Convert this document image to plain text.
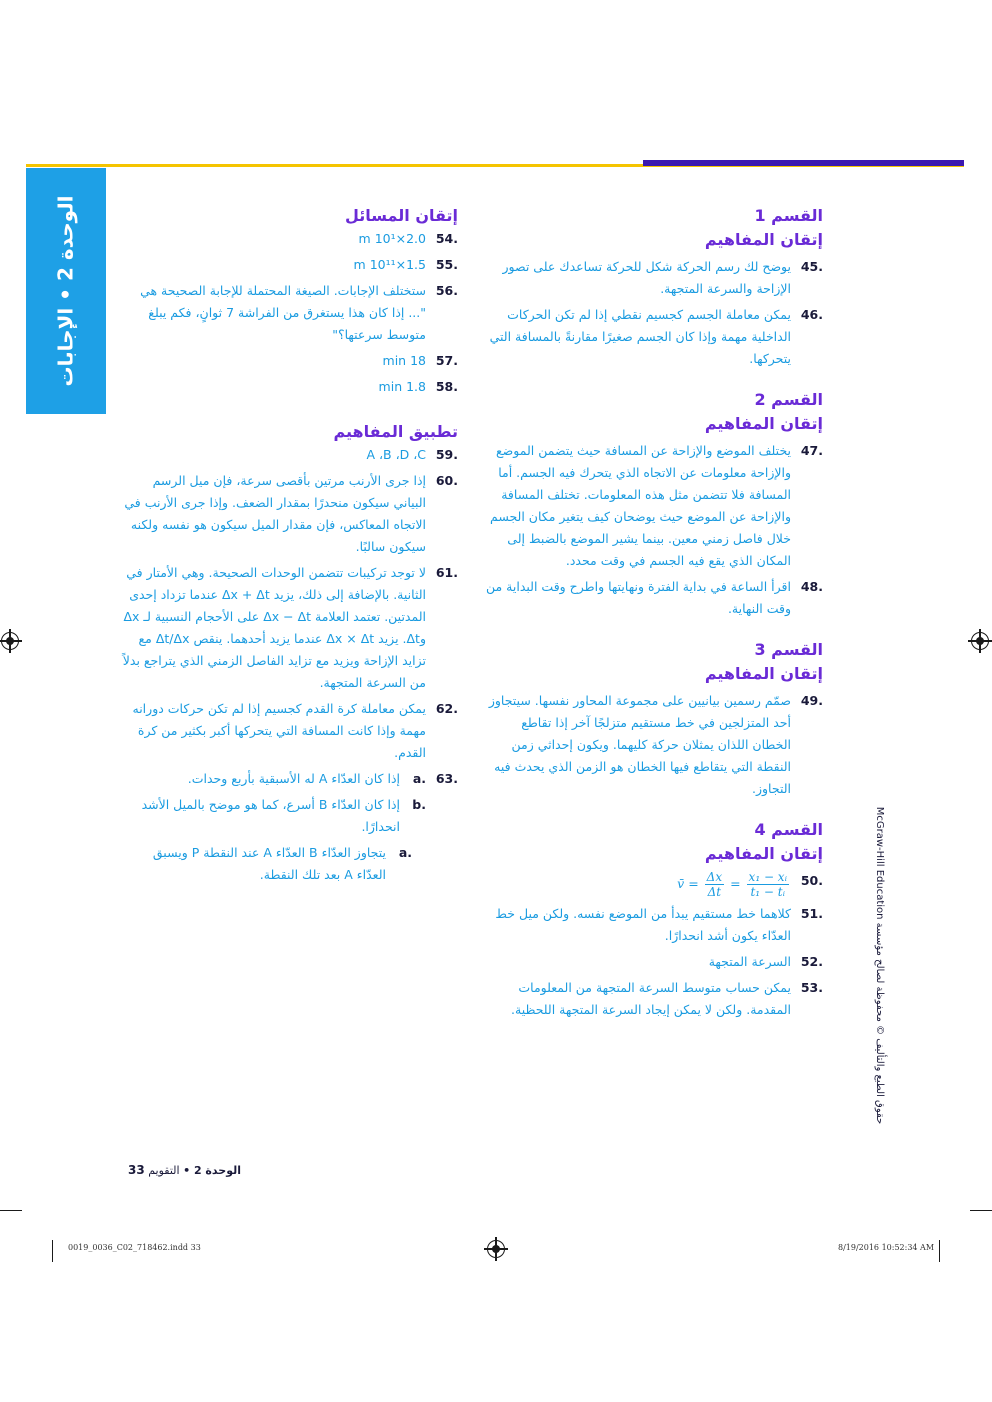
الوحدة 2 • الإجابات	القسم 1
إتقان المفاهيم
.45
يوضح لك رسم الحركة شكل للحركة تساعدك على تصور الإزاحة والسرعة المتجهة.
.46
يمكن معاملة الجسم كجسيم نقطي إذا لم تكن الحركات الداخلية مهمة وإذا كان الجسم صغيرًا مقارنةً بالمسافة التي يتحركها.
القسم 2
إتقان المفاهيم
.47
يختلف الموضع والإزاحة عن المسافة حيث يتضمن الموضع والإزاحة معلومات عن الاتجاه الذي يتحرك فيه الجسم. أما المسافة فلا تتضمن مثل هذه المعلومات. تختلف المسافة والإزاحة عن الموضع حيث يوضحان كيف يتغير مكان الجسم خلال فاصل زمني معين. بينما يشير الموضع بالضبط إلى المكان الذي يقع فيه الجسم في وقت محدد.
.48
اقرأ الساعة في بداية الفترة ونهايتها واطرح وقت البداية من وقت النهاية.
القسم 3
إتقان المفاهيم
.49
صمّم رسمين بيانيين على مجموعة المحاور نفسها. سيتجاوز أحد المتزلجين في خط مستقيم متزلجًا آخر إذا تقاطع الخطان اللذان يمثلان حركة كليهما. ويكون إحداثي زمن النقطة التي يتقاطع فيها الخطان هو الزمن الذي يحدث فيه التجاوز.
القسم 4
إتقان المفاهيم
.50
v̄ = $\frac{\Delta x}{\Delta t} = \frac{\text{x₁ − xᵢ}}{\text{t₁ − tᵢ}}$
.51
كلاهما خط مستقيم يبدأ من الموضع نفسه. ولكن ميل خط العدّاء يكون أشد انحدارًا.
.52
السرعة المتجهة
.53
يمكن حساب متوسط السرعة المتجهة من المعلومات المقدمة. ولكن لا يمكن إيجاد السرعة المتجهة اللحظية.
إتقان المسائل
.54
2.0×10¹ m
.55
1.5×10¹¹ m
.56
ستختلف الإجابات. الصيغة المحتملة للإجابة الصحيحة هي "... إذا كان هذا يستغرق من الفراشة 7 ثوانٍ، فكم يبلغ متوسط سرعتها؟"
.57
18 min
.58
1.8 min
تطبيق المفاهيم
.59
A ،B ،D ،C
.60
إذا جرى الأرنب مرتين بأقصى سرعة، فإن ميل الرسم البياني سيكون منحدرًا بمقدار الضعف. وإذا جرى الأرنب في الاتجاه المعاكس، فإن مقدار الميل سيكون هو نفسه ولكنه سيكون سالبًا.
.61
لا توجد تركيبات تتضمن الوحدات الصحيحة. وهي الأمتار في الثانية. بالإضافة إلى ذلك، يزيد Δx + Δt عندما تزداد إحدى المدتين. تعتمد العلامة Δx − Δt على الأحجام النسبية لـ Δx وΔt. يزيد Δx × Δt عندما يزيد أحدهما. ينقص Δt/Δx مع تزايد الإزاحة ويزيد مع تزايد الفاصل الزمني الذي يتراجع بدلاً من السرعة المتجهة.
.62
يمكن معاملة كرة القدم كجسيم إذا لم تكن حركات دورانه مهمة وإذا كانت المسافة التي يتحركها أكبر بكثير من كرة القدم.
.63
.a
إذا كان العدّاء A له الأسبقية بأربع وحدات.
.b
إذا كان العدّاء B أسرع، كما هو موضح بالميل الأشد انحدارًا.
.a
يتجاوز العدّاء B العدّاء A عند النقطة P ويسبق العدّاء A بعد تلك النقطة.	حقوق الطبع والتأليف © محفوظة لصالح مؤسسة McGraw-Hill Education
الوحدة 2 • التقويم 33
0019_0036_C02_718462.indd 33	8/19/2016 10:52:34 AM
